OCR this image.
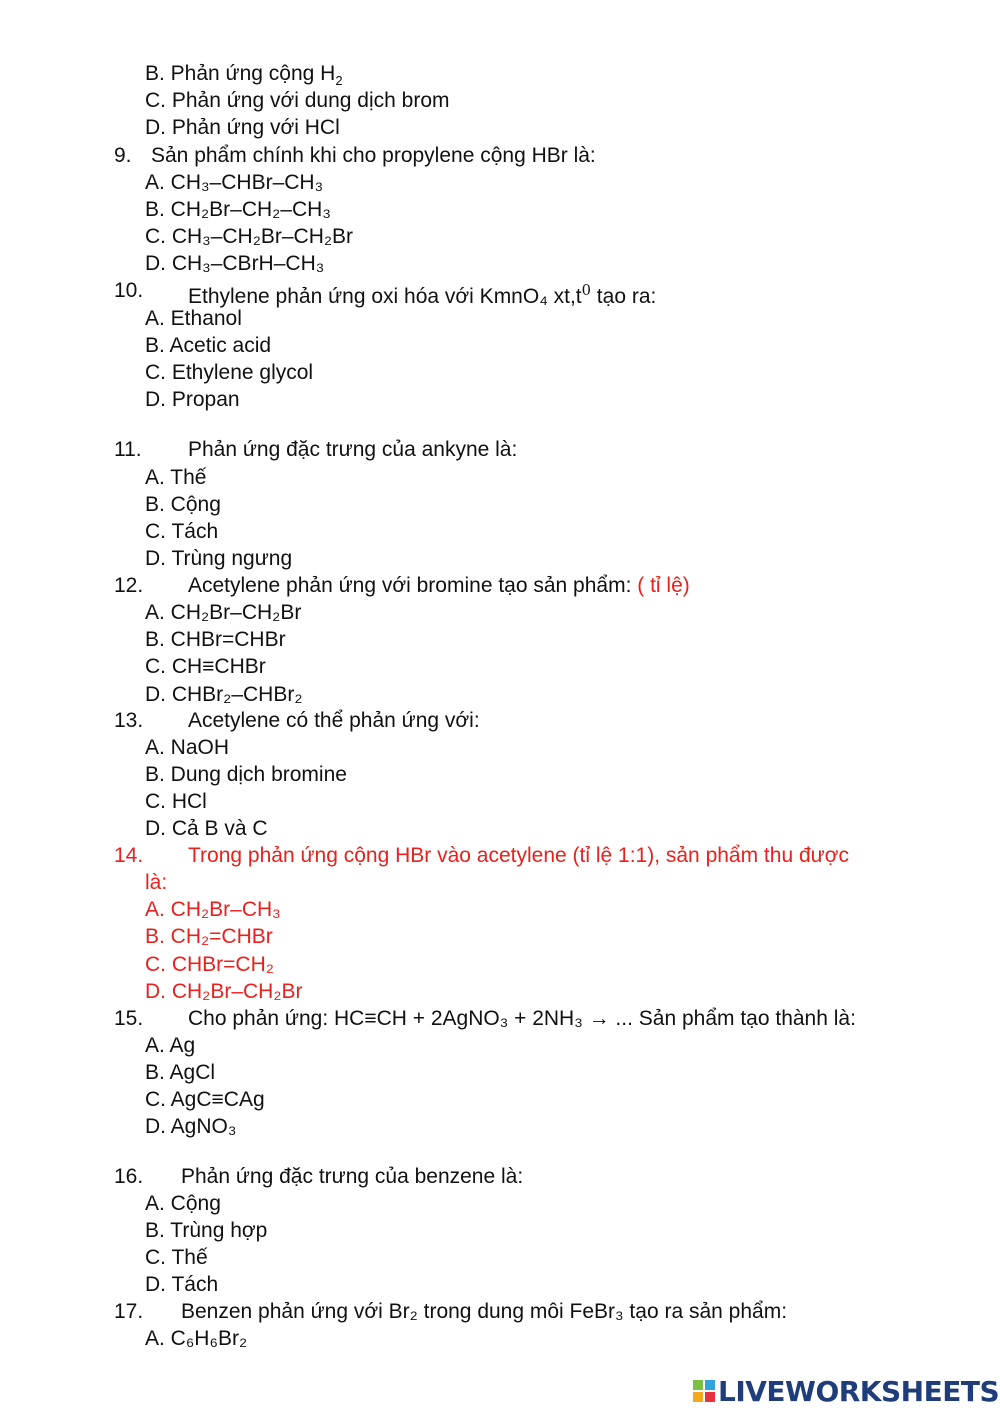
B. Phản ứng cộng $H_2$
C. Phản ứng với dung dịch brom
D. Phản ứng với HCl
9. Sản phẩm chính khi cho propylene cộng HBr là:
A. CH₃–CHBr–CH₃
B. CH₂Br–CH₂–CH₃
C. CH₃–CH₂Br–CH₂Br
D. CH₃–CBrH–CH₃
10. Ethylene phản ứng oxi hóa với KmnO₄ $xt,t^0$ tạo ra:
A. Ethanol
B. Acetic acid
C. Ethylene glycol
D. Propan
11. Phản ứng đặc trưng của ankyne là:
A. Thế
B. Cộng
C. Tách
D. Trùng ngưng
12. Acetylene phản ứng với bromine tạo sản phẩm: ( tỉ lệ)
A. CH₂Br–CH₂Br
B. CHBr=CHBr
C. CH≡CHBr
D. CHBr₂–CHBr₂
13. Acetylene có thể phản ứng với:
A. NaOH
B. Dung dịch bromine
C. HCl
D. Cả B và C
14. Trong phản ứng cộng HBr vào acetylene (tỉ lệ 1:1), sản phẩm thu được
là:
A. CH₂Br–CH₃
B. CH₂=CHBr
C. CHBr=CH₂
D. CH₂Br–CH₂Br
15. Cho phản ứng: HC≡CH + 2AgNO₃ + 2NH₃ → ... Sản phẩm tạo thành là:
A. Ag
B. AgCl
C. AgC≡CAg
D. AgNO₃
16. Phản ứng đặc trưng của benzene là:
A. Cộng
B. Trùng hợp
C. Thế
D. Tách
17. Benzen phản ứng với Br₂ trong dung môi FeBr₃ tạo ra sản phẩm:
A. C₆H₆Br₂
LIVEWORKSHEETS
